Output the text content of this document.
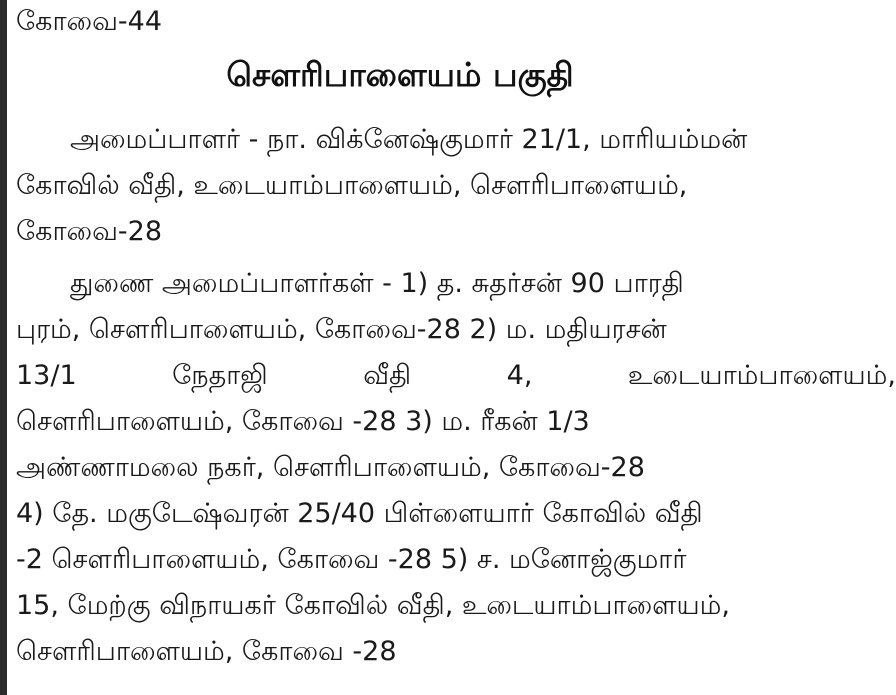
கோவை-44
சௌரிபாளையம் பகுதி
அமைப்பாளர் - நா. விக்னேஷ்குமார் 21/1, மாரியம்மன்
கோவில் வீதி, உடையாம்பாளையம், சௌரிபாளையம்,
கோவை-28
துணை அமைப்பாளர்கள் - 1) த. சுதர்சன் 90 பாரதி
புரம், சௌரிபாளையம், கோவை-28 2) ம. மதியரசன்
13/1	நேதாஜி	வீதி	4,	உடையாம்பாளையம்,
சௌரிபாளையம், கோவை -28 3) ம. ரீகன் 1/3
அண்ணாமலை நகர், சௌரிபாளையம், கோவை-28
4) தே. மகுடேஷ்வரன் 25/40 பிள்ளையார் கோவில் வீதி
-2 சௌரிபாளையம், கோவை -28 5) ச. மனோஜ்குமார்
15, மேற்கு விநாயகர் கோவில் வீதி, உடையாம்பாளையம்,
சௌரிபாளையம், கோவை -28
